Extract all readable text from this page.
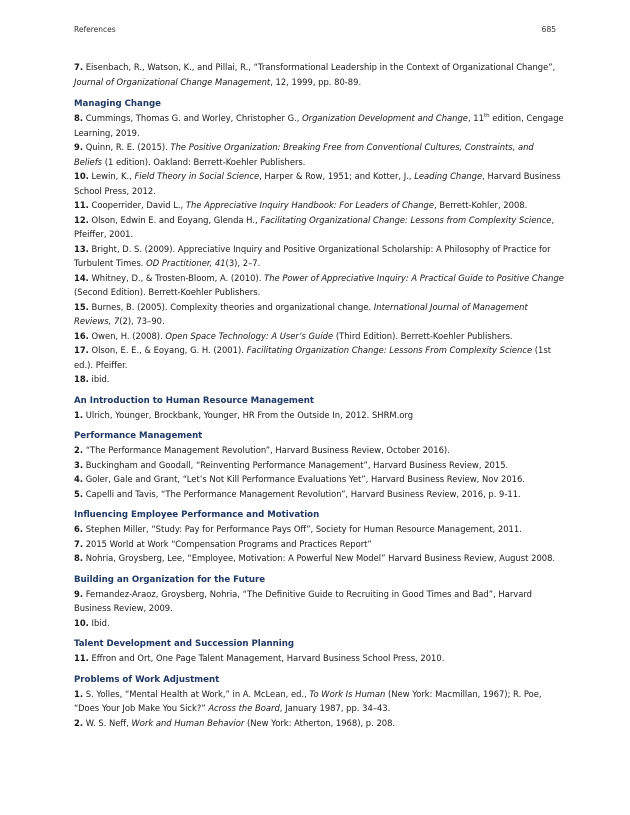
References	685

7. Eisenbach, R., Watson, K., and Pillai, R., “Transformational Leadership in the Context of Organizational Change”, Journal of Organizational Change Management, 12, 1999, pp. 80-89.

Managing Change

8. Cummings, Thomas G. and Worley, Christopher G., Organization Development and Change, 11th edition, Cengage Learning, 2019.

9. Quinn, R. E. (2015). The Positive Organization: Breaking Free from Conventional Cultures, Constraints, and Beliefs (1 edition). Oakland: Berrett-Koehler Publishers.

10. Lewin, K., Field Theory in Social Science, Harper & Row, 1951; and Kotter, J., Leading Change, Harvard Business School Press, 2012.

11. Cooperrider, David L., The Appreciative Inquiry Handbook: For Leaders of Change, Berrett-Kohler, 2008.

12. Olson, Edwin E. and Eoyang, Glenda H., Facilitating Organizational Change: Lessons from Complexity Science, Pfeiffer, 2001.

13. Bright, D. S. (2009). Appreciative Inquiry and Positive Organizational Scholarship: A Philosophy of Practice for Turbulent Times. OD Practitioner, 41(3), 2–7.

14. Whitney, D., & Trosten-Bloom, A. (2010). The Power of Appreciative Inquiry: A Practical Guide to Positive Change (Second Edition). Berrett-Koehler Publishers.

15. Burnes, B. (2005). Complexity theories and organizational change. International Journal of Management Reviews, 7(2), 73–90.

16. Owen, H. (2008). Open Space Technology: A User’s Guide (Third Edition). Berrett-Koehler Publishers.

17. Olson, E. E., & Eoyang, G. H. (2001). Facilitating Organization Change: Lessons From Complexity Science (1st ed.). Pfeiffer.

18. ibid.

An Introduction to Human Resource Management

1. Ulrich, Younger, Brockbank, Younger, HR From the Outside In, 2012. SHRM.org

Performance Management

2. “The Performance Management Revolution”, Harvard Business Review, October 2016).

3. Buckingham and Goodall, “Reinventing Performance Management”, Harvard Business Review, 2015.

4. Goler, Gale and Grant, “Let’s Not Kill Performance Evaluations Yet”, Harvard Business Review, Nov 2016.

5. Capelli and Tavis, “The Performance Management Revolution”, Harvard Business Review, 2016, p. 9-11.

Influencing Employee Performance and Motivation

6. Stephen Miller, “Study: Pay for Performance Pays Off”, Society for Human Resource Management, 2011.

7. 2015 World at Work “Compensation Programs and Practices Report”

8. Nohria, Groysberg, Lee, “Employee, Motivation: A Powerful New Model” Harvard Business Review, August 2008.

Building an Organization for the Future

9. Fernandez-Araoz, Groysberg, Nohria, “The Definitive Guide to Recruiting in Good Times and Bad”, Harvard Business Review, 2009.

10. Ibid.

Talent Development and Succession Planning

11. Effron and Ort, One Page Talent Management, Harvard Business School Press, 2010.

Problems of Work Adjustment

1. S. Yolles, “Mental Health at Work,” in A. McLean, ed., To Work Is Human (New York: Macmillan, 1967); R. Poe, “Does Your Job Make You Sick?” Across the Board, January 1987, pp. 34–43.

2. W. S. Neff, Work and Human Behavior (New York: Atherton, 1968), p. 208.
